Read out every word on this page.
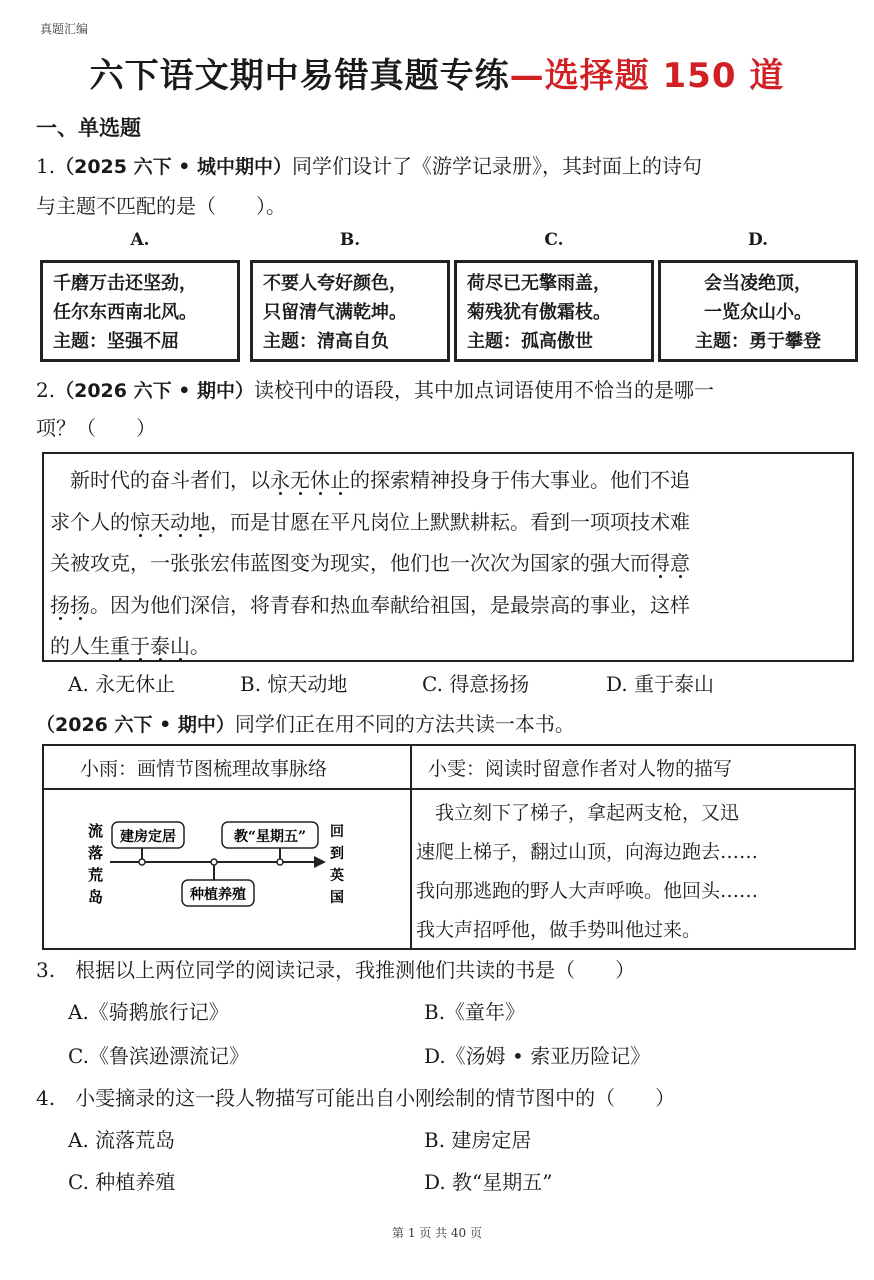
真题汇编
六下语文期中易错真题专练—选择题 150 道
一、单选题
1.（2025 六下 • 城中期中）同学们设计了《游学记录册》，其封面上的诗句
与主题不匹配的是（　　）。
A.	B.	C.	D.
千磨万击还坚劲，
任尔东西南北风。
主题：坚强不屈
不要人夸好颜色，
只留清气满乾坤。
主题：清高自负
荷尽已无擎雨盖，
菊残犹有傲霜枝。
主题：孤高傲世
会当凌绝顶，
一览众山小。
主题：勇于攀登
2.（2026 六下 • 期中）读校刊中的语段，其中加点词语使用不恰当的是哪一
项？（　　）
　新时代的奋斗者们，以永无休止的探索精神投身于伟大事业。他们不追
求个人的惊天动地，而是甘愿在平凡岗位上默默耕耘。看到一项项技术难
关被攻克，一张张宏伟蓝图变为现实，他们也一次次为国家的强大而得意
扬扬。因为他们深信，将青春和热血奉献给祖国，是最崇高的事业，这样
的人生重于泰山。
A. 永无休止	B. 惊天动地	C. 得意扬扬	D. 重于泰山
（2026 六下 • 期中）同学们正在用不同的方法共读一本书。
小雨：画情节图梳理故事脉络	小雯：阅读时留意作者对人物的描写
流
落
荒
岛
建房定居
种植养殖
教“星期五” 回
到
英
国
　我立刻下了梯子，拿起两支枪，又迅
速爬上梯子，翻过山顶，向海边跑去……
我向那逃跑的野人大声呼唤。他回头……
我大声招呼他，做手势叫他过来。
3.　 根据以上两位同学的阅读记录，我推测他们共读的书是（　　）
A.《骑鹅旅行记》	B.《童年》
C.《鲁滨逊漂流记》	D.《汤姆 • 索亚历险记》
4.　 小雯摘录的这一段人物描写可能出自小刚绘制的情节图中的（　　）
A. 流落荒岛	B. 建房定居
C. 种植养殖	D. 教“星期五”
第 1 页 共 40 页
